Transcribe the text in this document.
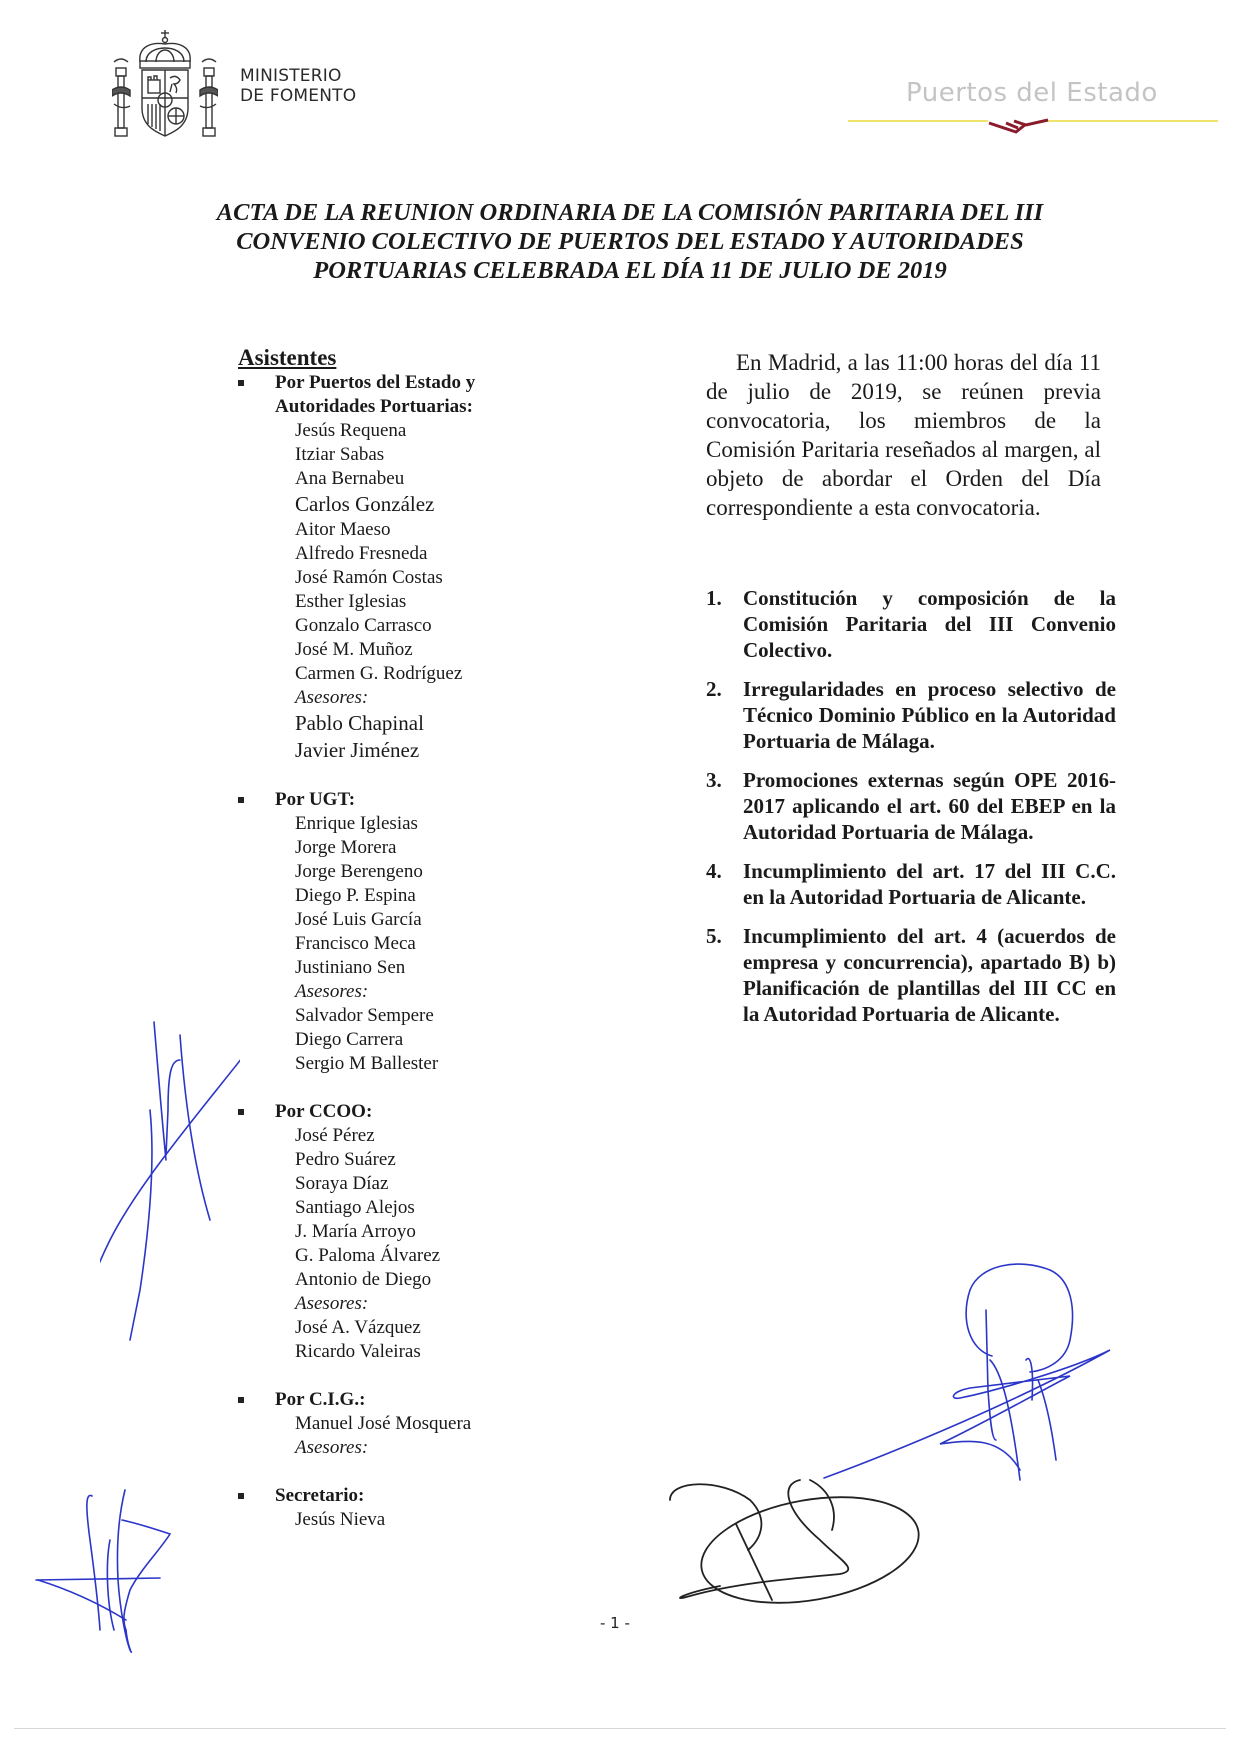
MINISTERIO
DE FOMENTO	Puertos del Estado
ACTA DE LA REUNION ORDINARIA DE LA COMISIÓN PARITARIA DEL III
CONVENIO COLECTIVO DE PUERTOS DEL ESTADO Y AUTORIDADES
PORTUARIAS CELEBRADA EL DÍA 11 DE JULIO DE 2019
Asistentes
Por Puertos del Estado y
Autoridades Portuarias:
Jesús Requena
Itziar Sabas
Ana Bernabeu
Carlos González
Aitor Maeso
Alfredo Fresneda
José Ramón Costas
Esther Iglesias
Gonzalo Carrasco
José M. Muñoz
Carmen G. Rodríguez
Asesores:
Pablo Chapinal
Javier Jiménez
Por UGT:
Enrique Iglesias
Jorge Morera
Jorge Berengeno
Diego P. Espina
José Luis García
Francisco Meca
Justiniano Sen
Asesores:
Salvador Sempere
Diego Carrera
Sergio M Ballester
Por CCOO:
José Pérez
Pedro Suárez
Soraya Díaz
Santiago Alejos
J. María Arroyo
G. Paloma Álvarez
Antonio de Diego
Asesores:
José A. Vázquez
Ricardo Valeiras
Por C.I.G.:
Manuel José Mosquera
Asesores:
Secretario:
Jesús Nieva

En Madrid, a las 11:00 horas del día 11 de julio de 2019, se reúnen previa convocatoria, los miembros de la Comisión Paritaria reseñados al margen, al objeto de abordar el Orden del Día correspondiente a esta convocatoria.

1. Constitución y composición de la Comisión Paritaria del III Convenio Colectivo.
2. Irregularidades en proceso selectivo de Técnico Dominio Público en la Autoridad Portuaria de Málaga.
3. Promociones externas según OPE 2016-2017 aplicando el art. 60 del EBEP en la Autoridad Portuaria de Málaga.
4. Incumplimiento del art. 17 del III C.C. en la Autoridad Portuaria de Alicante.
5. Incumplimiento del art. 4 (acuerdos de empresa y concurrencia), apartado B) b) Planificación de plantillas del III CC en la Autoridad Portuaria de Alicante.
- 1 -
